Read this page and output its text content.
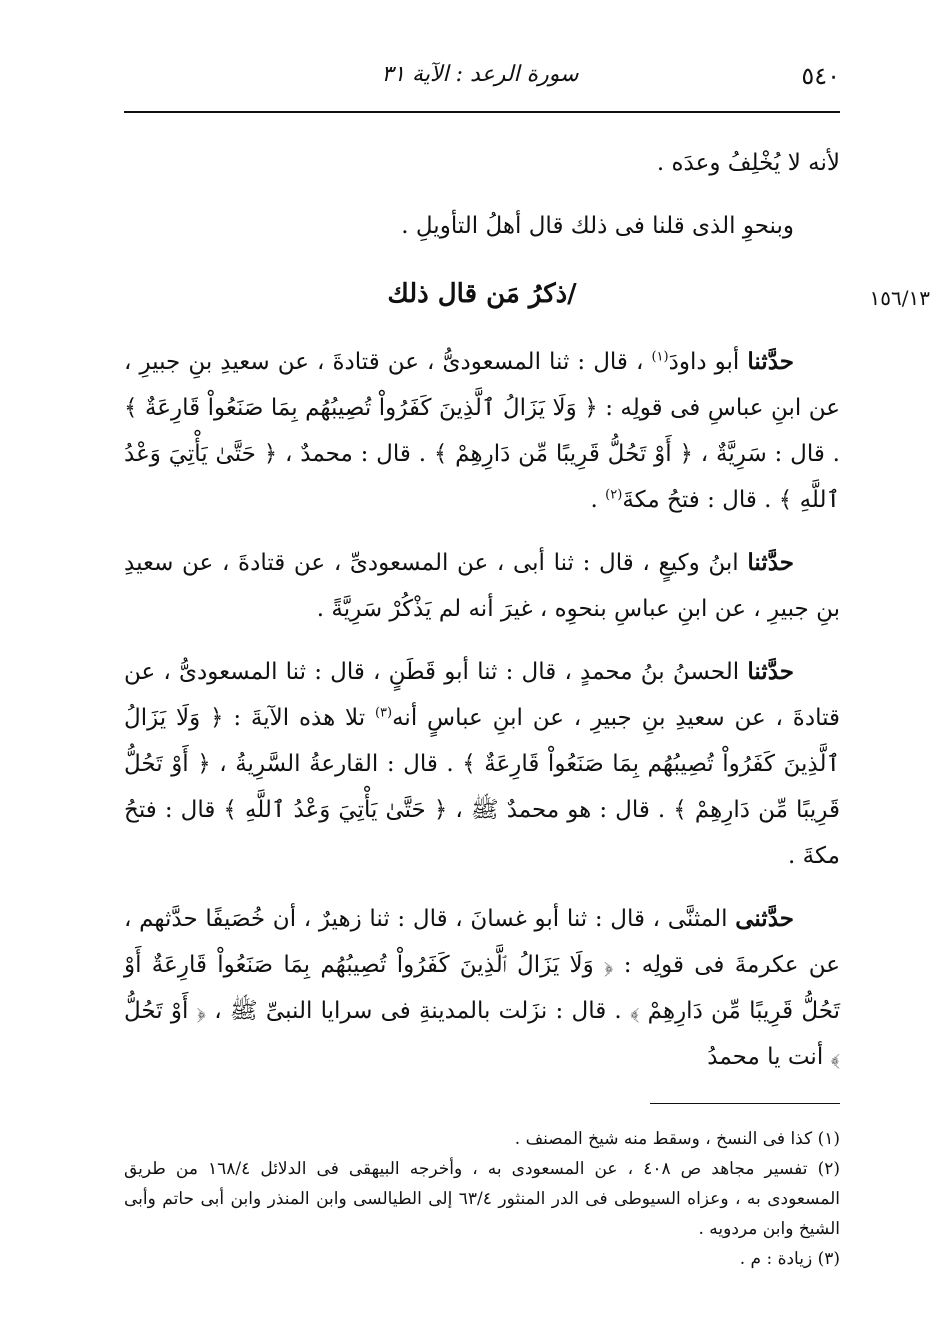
٥٤٠
سورة الرعد : الآية ٣١
١٥٦/١٣

لأنه لا يُخْلِفُ وعدَه .

وبنحوِ الذى قلنا فى ذلك قال أهلُ التأويلِ .

/ذكرُ مَن قال ذلك

حدَّثنا أبو داودَ$^{(١)}$ ، قال : ثنا المسعودىُّ ، عن قتادةَ ، عن سعيدِ بنِ جبيرِ ، عن ابنِ عباسِ فى قولِه : ﴿ وَلَا يَزَالُ ٱلَّذِينَ كَفَرُواْ تُصِيبُهُم بِمَا صَنَعُواْ قَارِعَةٌ ﴾ . قال : سَرِيَّةٌ ، ﴿ أَوْ تَحُلُّ قَرِيبًا مِّن دَارِهِمْ ﴾ . قال : محمدٌ ، ﴿ حَتَّىٰ يَأْتِيَ وَعْدُ ٱللَّهِ ﴾ . قال : فتحُ مكةَ$^{(٢)}$ .

حدَّثنا ابنُ وكيعٍ ، قال : ثنا أبى ، عن المسعودىِّ ، عن قتادةَ ، عن سعيدِ بنِ جبيرِ ، عن ابنِ عباسِ بنحوِه ، غيرَ أنه لم يَذْكُرْ سَرِيَّةً .

حدَّثنا الحسنُ بنُ محمدٍ ، قال : ثنا أبو قَطَنٍ ، قال : ثنا المسعودىُّ ، عن قتادةَ ، عن سعيدِ بنِ جبيرِ ، عن ابنِ عباسٍ أنه$^{(٣)}$ تلا هذه الآيةَ : ﴿ وَلَا يَزَالُ ٱلَّذِينَ كَفَرُواْ تُصِيبُهُم بِمَا صَنَعُواْ قَارِعَةٌ ﴾ . قال : القارعةُ السَّرِيةُ ، ﴿ أَوْ تَحُلُّ قَرِيبًا مِّن دَارِهِمْ ﴾ . قال : هو محمدٌ ﷺ ، ﴿ حَتَّىٰ يَأْتِيَ وَعْدُ ٱللَّهِ ﴾ قال : فتحُ مكةَ .

حدَّثنى المثنَّى ، قال : ثنا أبو غسانَ ، قال : ثنا زهيرٌ ، أن خُصَيفًا حدَّثهم ، عن عكرمةَ فى قولِه : ﴿ وَلَا يَزَالُ ٱلَّذِينَ كَفَرُواْ تُصِيبُهُم بِمَا صَنَعُواْ قَارِعَةٌ أَوْ تَحُلُّ قَرِيبًا مِّن دَارِهِمْ ﴾ . قال : نزَلت بالمدينةِ فى سرايا النبىِّ ﷺ ، ﴿ أَوْ تَحُلُّ ﴾ أنت يا محمدُ

(١) كذا فى النسخ ، وسقط منه شيخ المصنف .

(٢) تفسير مجاهد ص ٤٠٨ ، عن المسعودى به ، وأخرجه البيهقى فى الدلائل ١٦٨/٤ من طريق المسعودى به ، وعزاه السيوطى فى الدر المنثور ٦٣/٤ إلى الطيالسى وابن المنذر وابن أبى حاتم وأبى الشيخ وابن مردويه .

(٣) زيادة : م .
